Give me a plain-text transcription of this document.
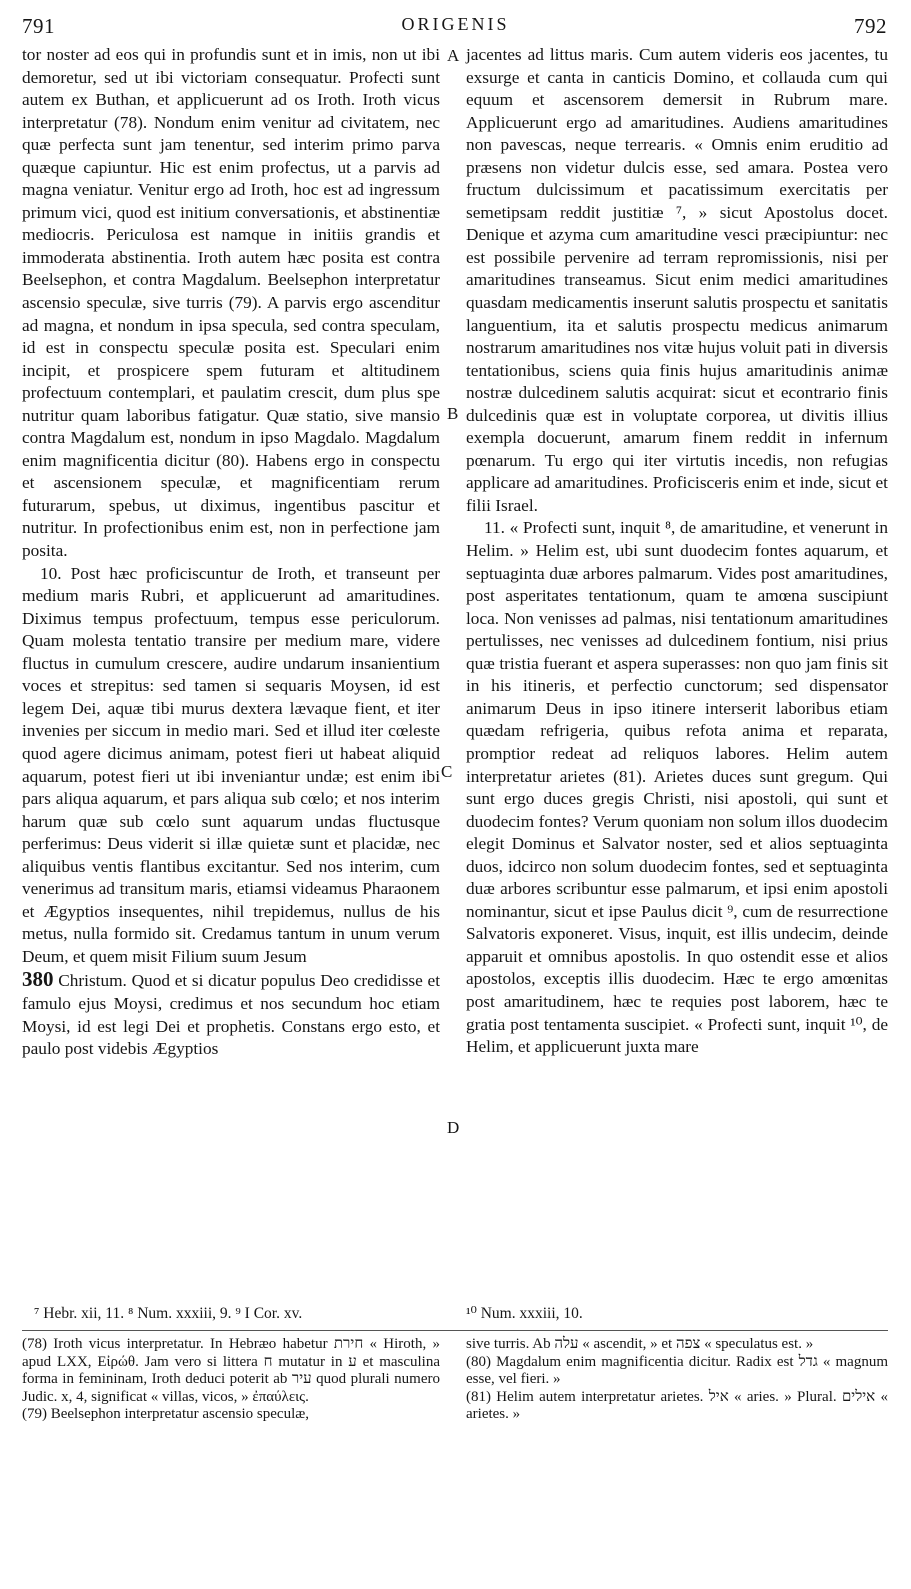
791	ORIGENIS	792
A
B
C
D

tor noster ad eos qui in profundis sunt et in imis, non ut ibi demoretur, sed ut ibi victoriam consequatur. Profecti sunt autem ex Buthan, et applicuerunt ad os Iroth. Iroth vicus interpretatur (78). Nondum enim venitur ad civitatem, nec quæ perfecta sunt jam tenentur, sed interim primo parva quæque capiuntur. Hic est enim profectus, ut a parvis ad magna veniatur. Venitur ergo ad Iroth, hoc est ad ingressum primum vici, quod est initium conversationis, et abstinentiæ mediocris. Periculosa est namque in initiis grandis et immoderata abstinentia. Iroth autem hæc posita est contra Beelsephon, et contra Magdalum. Beelsephon interpretatur ascensio speculæ, sive turris (79). A parvis ergo ascenditur ad magna, et nondum in ipsa specula, sed contra speculam, id est in conspectu speculæ posita est. Speculari enim incipit, et prospicere spem futuram et altitudinem profectuum contemplari, et paulatim crescit, dum plus spe nutritur quam laboribus fatigatur. Quæ statio, sive mansio contra Magdalum est, nondum in ipso Magdalo. Magdalum enim magnificentia dicitur (80). Habens ergo in conspectu et ascensionem speculæ, et magnificentiam rerum futurarum, spebus, ut diximus, ingentibus pascitur et nutritur. In profectionibus enim est, non in perfectione jam posita.

10. Post hæc proficiscuntur de Iroth, et transeunt per medium maris Rubri, et applicuerunt ad amaritudines. Diximus tempus profectuum, tempus esse periculorum. Quam molesta tentatio transire per medium mare, videre fluctus in cumulum crescere, audire undarum insanientium voces et strepitus: sed tamen si sequaris Moysen, id est legem Dei, aquæ tibi murus dextera lævaque fient, et iter invenies per siccum in medio mari. Sed et illud iter cœleste quod agere dicimus animam, potest fieri ut habeat aliquid aquarum, potest fieri ut ibi inveniantur undæ; est enim ibi pars aliqua aquarum, et pars aliqua sub cœlo; et nos interim harum quæ sub cœlo sunt aquarum undas fluctusque perferimus: Deus viderit si illæ quietæ sunt et placidæ, nec aliquibus ventis flantibus excitantur. Sed nos interim, cum venerimus ad transitum maris, etiamsi videamus Pharaonem et Ægyptios insequentes, nihil trepidemus, nullus de his metus, nulla formido sit. Credamus tantum in unum verum Deum, et quem misit Filium suum Jesum

380 Christum. Quod et si dicatur populus Deo credidisse et famulo ejus Moysi, credimus et nos secundum hoc etiam Moysi, id est legi Dei et prophetis. Constans ergo esto, et paulo post videbis Ægyptios

⁷ Hebr. xii, 11. ⁸ Num. xxxiii, 9. ⁹ I Cor. xv.

jacentes ad littus maris. Cum autem videris eos jacentes, tu exsurge et canta in canticis Domino, et collauda cum qui equum et ascensorem demersit in Rubrum mare. Applicuerunt ergo ad amaritudines. Audiens amaritudines non pavescas, neque terrearis. « Omnis enim eruditio ad præsens non videtur dulcis esse, sed amara. Postea vero fructum dulcissimum et pacatissimum exercitatis per semetipsam reddit justitiæ ⁷, » sicut Apostolus docet. Denique et azyma cum amaritudine vesci præcipiuntur: nec est possibile pervenire ad terram repromissionis, nisi per amaritudines transeamus. Sicut enim medici amaritudines quasdam medicamentis inserunt salutis prospectu et sanitatis languentium, ita et salutis prospectu medicus animarum nostrarum amaritudines nos vitæ hujus voluit pati in diversis tentationibus, sciens quia finis hujus amaritudinis animæ nostræ dulcedinem salutis acquirat: sicut et econtrario finis dulcedinis quæ est in voluptate corporea, ut divitis illius exempla docuerunt, amarum finem reddit in infernum pœnarum. Tu ergo qui iter virtutis incedis, non refugias applicare ad amaritudines. Proficisceris enim et inde, sicut et filii Israel.

11. « Profecti sunt, inquit ⁸, de amaritudine, et venerunt in Helim. » Helim est, ubi sunt duodecim fontes aquarum, et septuaginta duæ arbores palmarum. Vides post amaritudines, post asperitates tentationum, quam te amœna suscipiunt loca. Non venisses ad palmas, nisi tentationum amaritudines pertulisses, nec venisses ad dulcedinem fontium, nisi prius quæ tristia fuerant et aspera superasses: non quo jam finis sit in his itineris, et perfectio cunctorum; sed dispensator animarum Deus in ipso itinere interserit laboribus etiam quædam refrigeria, quibus refota anima et reparata, promptior redeat ad reliquos labores. Helim autem interpretatur arietes (81). Arietes duces sunt gregum. Qui sunt ergo duces gregis Christi, nisi apostoli, qui sunt et duodecim fontes? Verum quoniam non solum illos duodecim elegit Dominus et Salvator noster, sed et alios septuaginta duos, idcirco non solum duodecim fontes, sed et septuaginta duæ arbores scribuntur esse palmarum, et ipsi enim apostoli nominantur, sicut et ipse Paulus dicit ⁹, cum de resurrectione Salvatoris exponeret. Visus, inquit, est illis undecim, deinde apparuit et omnibus apostolis. In quo ostendit esse et alios apostolos, exceptis illis duodecim. Hæc te ergo amœnitas post amaritudinem, hæc te requies post laborem, hæc te gratia post tentamenta suscipiet. « Profecti sunt, inquit ¹⁰, de Helim, et applicuerunt juxta mare

¹⁰ Num. xxxiii, 10.

(78) Iroth vicus interpretatur. In Hebræo habetur חירת « Hiroth, » apud LXX, Εἰρώθ. Jam vero si littera ח mutatur in ע et masculina forma in femininam, Iroth deduci poterit ab עיר quod plurali numero Judic. x, 4, significat « villas, vicos, » ἐπαύλεις.

(79) Beelsephon interpretatur ascensio speculæ,

sive turris. Ab עלה « ascendit, » et צפה « speculatus est. »

(80) Magdalum enim magnificentia dicitur. Radix est גדל « magnum esse, vel fieri. »

(81) Helim autem interpretatur arietes. איל « aries. » Plural. אילים « arietes. »
